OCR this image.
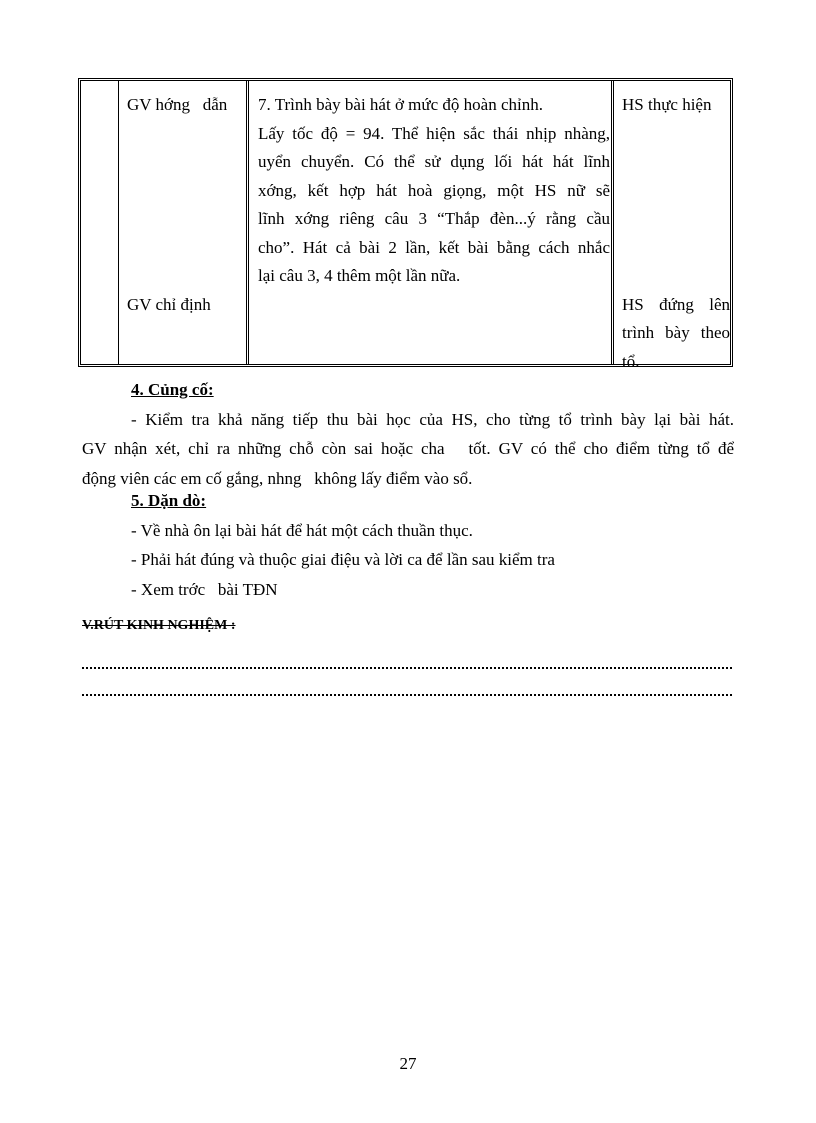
GV hớng   dẫn
GV chỉ định
7. Trình bày bài hát ở mức độ hoàn chỉnh.
Lấy tốc độ = 94. Thể hiện sắc thái nhịp nhàng,
uyển chuyển. Có thể sử dụng lối hát hát lĩnh
xớng, kết hợp hát hoà giọng, một HS nữ sẽ
lĩnh xớng riêng câu 3 “Thắp đèn...ý rằng cầu
cho”. Hát cả bài 2 lần, kết bài bằng cách nhắc
lại câu 3, 4 thêm một lần nữa.
HS thực hiện
HS đứng lên
trình bày theo
tổ.
4. Củng cố:
- Kiểm tra khả năng tiếp thu bài học của HS, cho từng tổ trình bày lại bài hát.
GV nhận xét, chỉ ra những chỗ còn sai hoặc cha   tốt. GV có thể cho điểm từng tổ để
động viên các em cố gắng, nhng   không lấy điểm vào sổ.
5. Dặn dò:
- Về nhà ôn lại bài hát để hát một cách thuần thục.
- Phải hát đúng và thuộc giai điệu và lời ca để lần sau kiểm tra
- Xem trớc   bài TĐN
V.RÚT KINH NGHIỆM :
27
